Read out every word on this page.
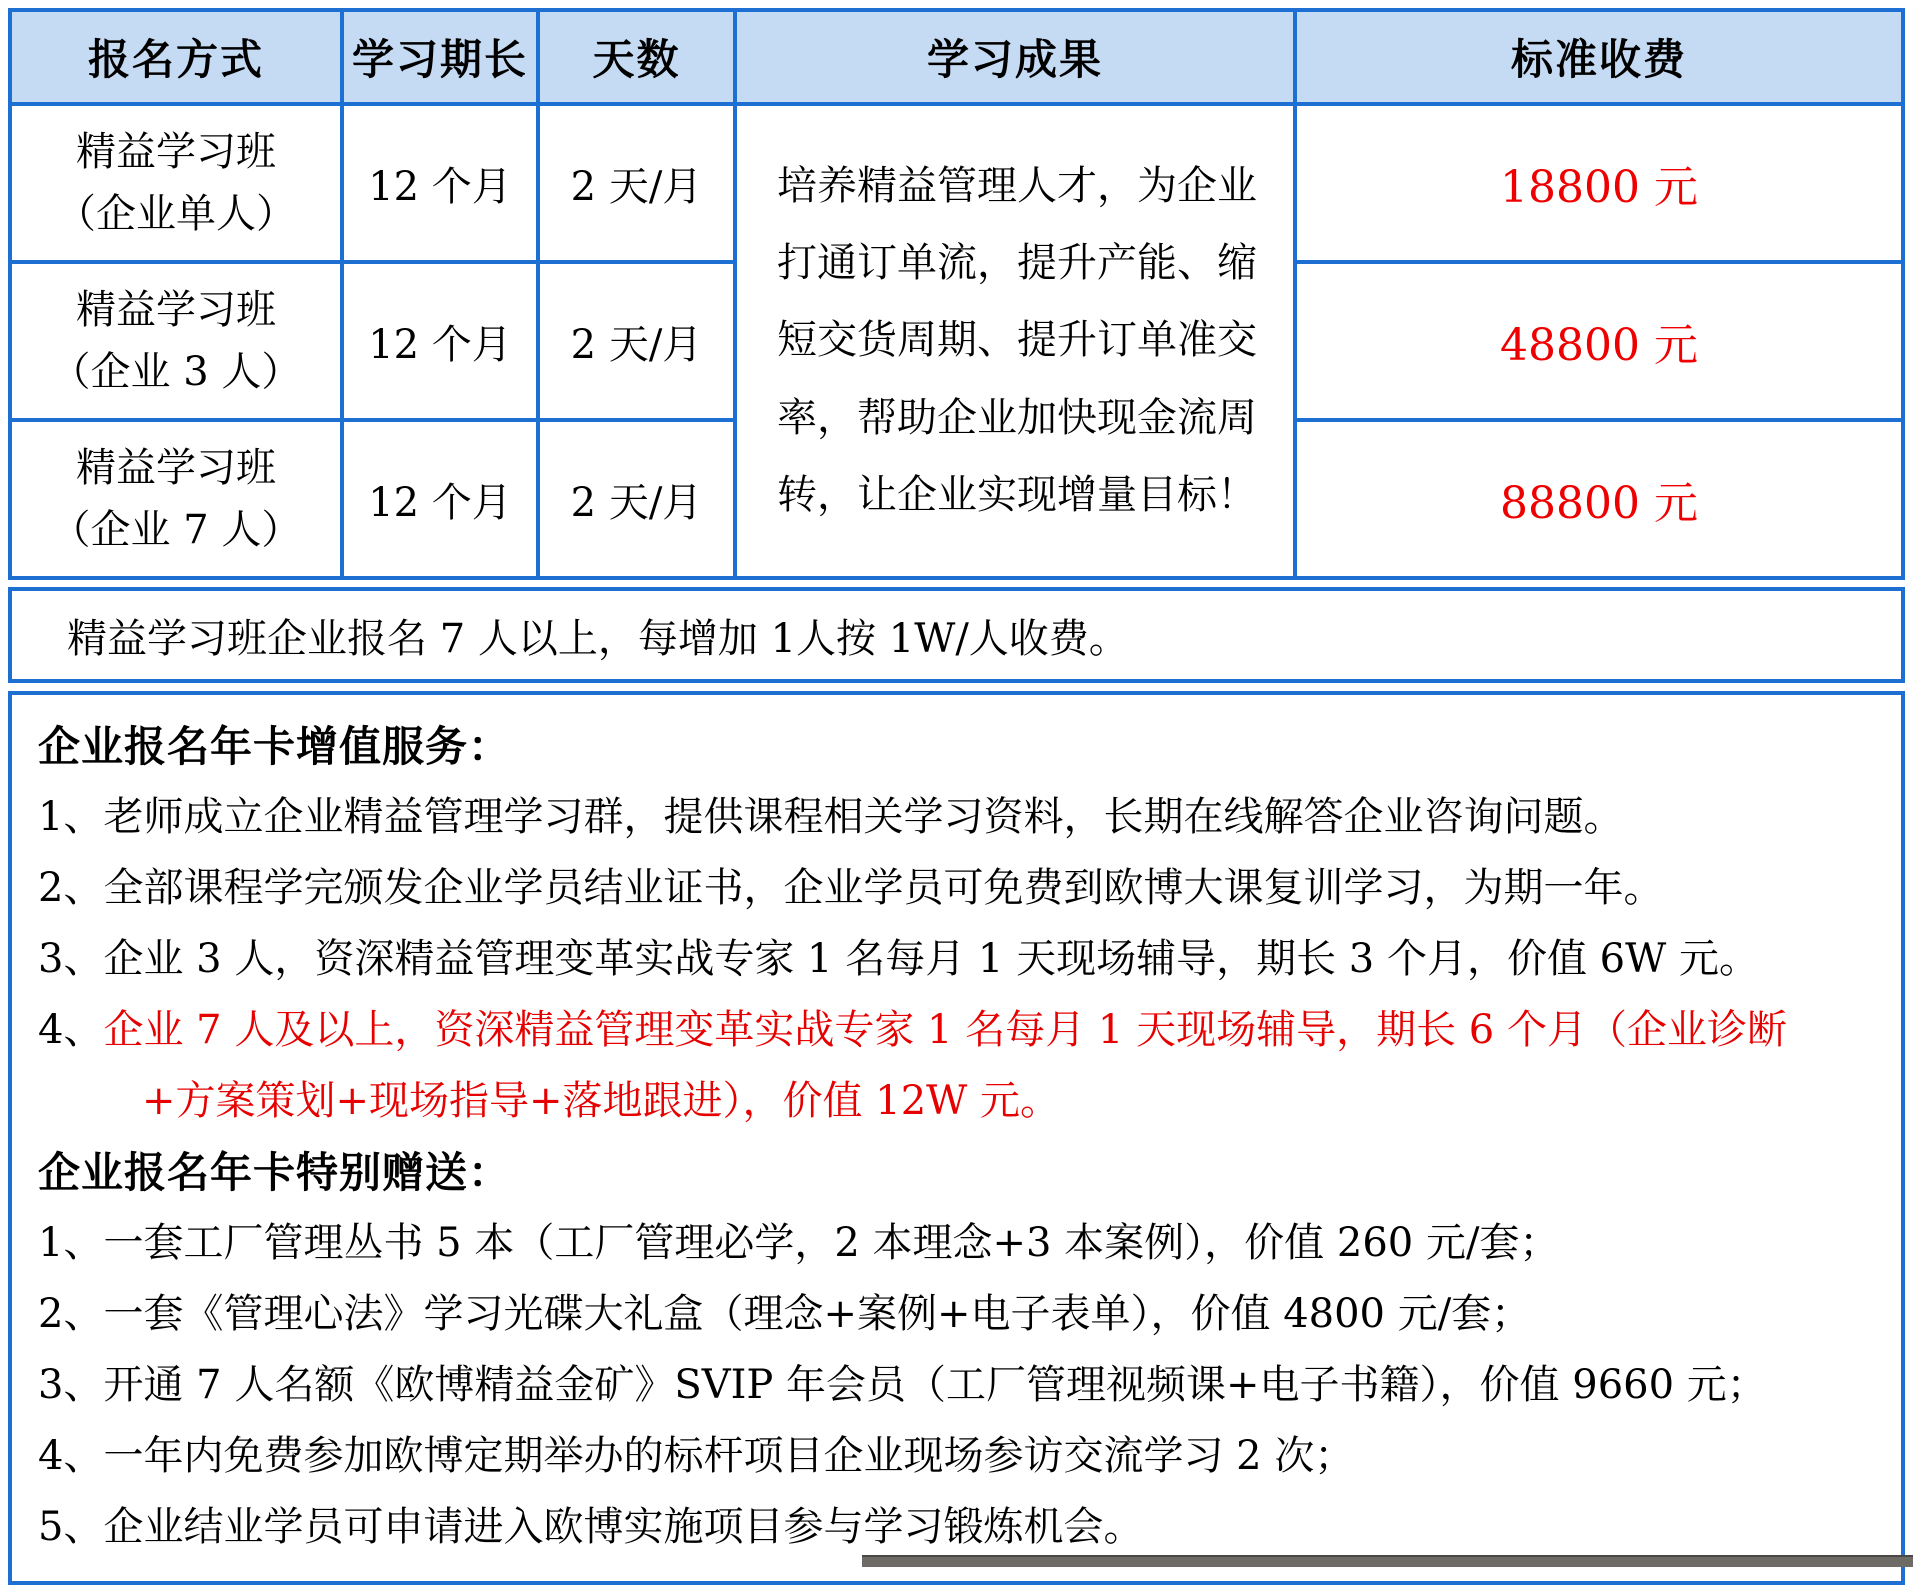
报名方式	学习期长	天数	学习成果	标准收费

精益学习班
（企业单人）	12 个月	2 天/月	培养精益管理人才，为企业打通订单流，提升产能、缩短交货周期、提升订单准交率，帮助企业加快现金流周转，让企业实现增量目标！	18800 元

精益学习班
（企业 3 人）	12 个月	2 天/月		48800 元

精益学习班
（企业 7 人）	12 个月	2 天/月		88800 元
精益学习班企业报名 7 人以上，每增加 1人按 1W/人收费。
企业报名年卡增值服务：
1、老师成立企业精益管理学习群，提供课程相关学习资料，长期在线解答企业咨询问题。
2、全部课程学完颁发企业学员结业证书，企业学员可免费到欧博大课复训学习，为期一年。
3、企业 3 人，资深精益管理变革实战专家 1 名每月 1 天现场辅导，期长 3 个月，价值 6W 元。
4、企业 7 人及以上，资深精益管理变革实战专家 1 名每月 1 天现场辅导，期长 6 个月（企业诊断
+方案策划+现场指导+落地跟进），价值 12W 元。
企业报名年卡特别赠送：
1、一套工厂管理丛书 5 本（工厂管理必学，2 本理念+3 本案例），价值 260 元/套；
2、一套《管理心法》学习光碟大礼盒（理念+案例+电子表单），价值 4800 元/套；
3、开通 7 人名额《欧博精益金矿》SVIP 年会员（工厂管理视频课+电子书籍），价值 9660 元；
4、一年内免费参加欧博定期举办的标杆项目企业现场参访交流学习 2 次；
5、企业结业学员可申请进入欧博实施项目参与学习锻炼机会。
